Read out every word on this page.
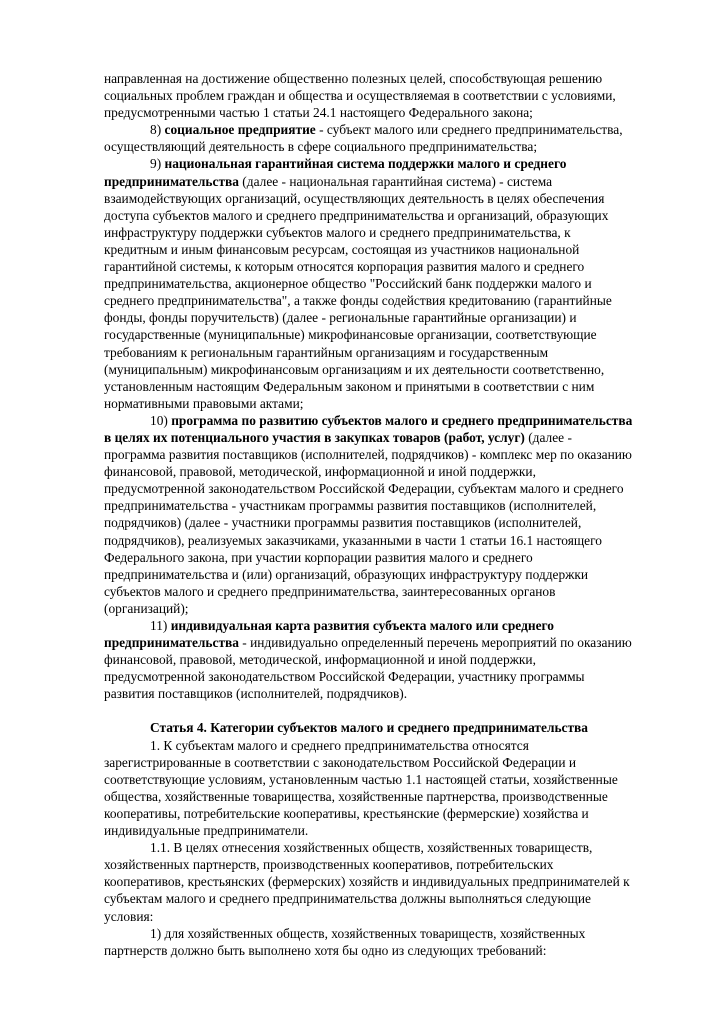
направленная на достижение общественно полезных целей, способствующая решению социальных проблем граждан и общества и осуществляемая в соответствии с условиями, предусмотренными частью 1 статьи 24.1 настоящего Федерального закона;

8) социальное предприятие - субъект малого или среднего предпринимательства, осуществляющий деятельность в сфере социального предпринимательства;

9) национальная гарантийная система поддержки малого и среднего предпринимательства (далее - национальная гарантийная система) - система взаимодействующих организаций, осуществляющих деятельность в целях обеспечения доступа субъектов малого и среднего предпринимательства и организаций, образующих инфраструктуру поддержки субъектов малого и среднего предпринимательства, к кредитным и иным финансовым ресурсам, состоящая из участников национальной гарантийной системы, к которым относятся корпорация развития малого и среднего предпринимательства, акционерное общество "Российский банк поддержки малого и среднего предпринимательства", а также фонды содействия кредитованию (гарантийные фонды, фонды поручительств) (далее - региональные гарантийные организации) и государственные (муниципальные) микрофинансовые организации, соответствующие требованиям к региональным гарантийным организациям и государственным (муниципальным) микрофинансовым организациям и их деятельности соответственно, установленным настоящим Федеральным законом и принятыми в соответствии с ним нормативными правовыми актами;

10) программа по развитию субъектов малого и среднего предпринимательства в целях их потенциального участия в закупках товаров (работ, услуг) (далее - программа развития поставщиков (исполнителей, подрядчиков) - комплекс мер по оказанию финансовой, правовой, методической, информационной и иной поддержки, предусмотренной законодательством Российской Федерации, субъектам малого и среднего предпринимательства - участникам программы развития поставщиков (исполнителей, подрядчиков) (далее - участники программы развития поставщиков (исполнителей, подрядчиков), реализуемых заказчиками, указанными в части 1 статьи 16.1 настоящего Федерального закона, при участии корпорации развития малого и среднего предпринимательства и (или) организаций, образующих инфраструктуру поддержки субъектов малого и среднего предпринимательства, заинтересованных органов (организаций);

11) индивидуальная карта развития субъекта малого или среднего предпринимательства - индивидуально определенный перечень мероприятий по оказанию финансовой, правовой, методической, информационной и иной поддержки, предусмотренной законодательством Российской Федерации, участнику программы развития поставщиков (исполнителей, подрядчиков).

Статья 4. Категории субъектов малого и среднего предпринимательства

1. К субъектам малого и среднего предпринимательства относятся зарегистрированные в соответствии с законодательством Российской Федерации и соответствующие условиям, установленным частью 1.1 настоящей статьи, хозяйственные общества, хозяйственные товарищества, хозяйственные партнерства, производственные кооперативы, потребительские кооперативы, крестьянские (фермерские) хозяйства и индивидуальные предприниматели.

1.1. В целях отнесения хозяйственных обществ, хозяйственных товариществ, хозяйственных партнерств, производственных кооперативов, потребительских кооперативов, крестьянских (фермерских) хозяйств и индивидуальных предпринимателей к субъектам малого и среднего предпринимательства должны выполняться следующие условия:

1) для хозяйственных обществ, хозяйственных товариществ, хозяйственных партнерств должно быть выполнено хотя бы одно из следующих требований:
